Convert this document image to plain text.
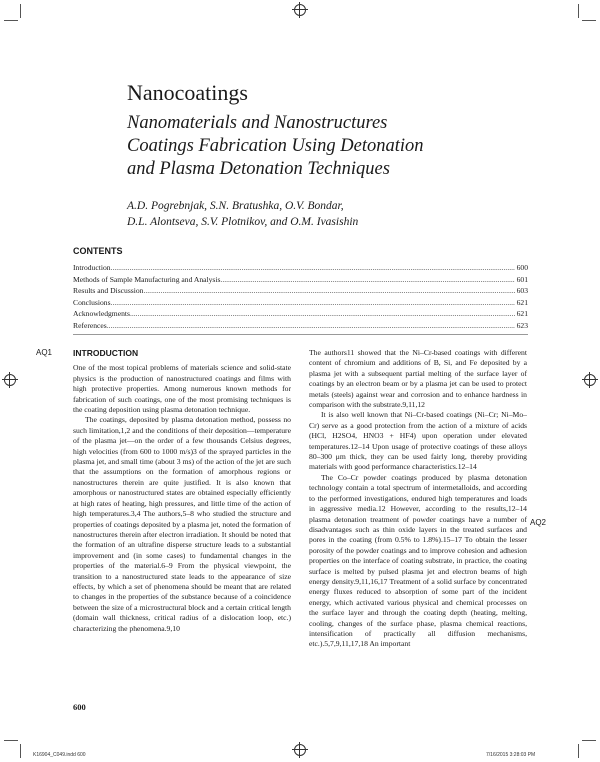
Nanocoatings
Nanomaterials and Nanostructures
Coatings Fabrication Using Detonation
and Plasma Detonation Techniques
A.D. Pogrebnjak, S.N. Bratushka, O.V. Bondar,
D.L. Alontseva, S.V. Plotnikov, and O.M. Ivasishin
CONTENTS
Introduction .....	600
Methods of Sample Manufacturing and Analysis .....	601
Results and Discussion .....	603
Conclusions .....	621
Acknowledgments .....	621
References .....	623
AQ1
AQ2
INTRODUCTION

One of the most topical problems of materials science and solid-state physics is the production of nanostructured coatings and films with high protective properties. Among numerous known methods for fabrication of such coatings, one of the most promising techniques is the coating deposition using plasma detonation technique.

The coatings, deposited by plasma detonation method, possess no such limitation,1,2 and the conditions of their deposition—temperature of the plasma jet—on the order of a few thousands Celsius degrees, high velocities (from 600 to 1000 m/s)3 of the sprayed particles in the plasma jet, and small time (about 3 ms) of the action of the jet are such that the assumptions on the formation of amorphous regions or nanostructures therein are quite justified. It is also known that amorphous or nanostructured states are obtained especially efficiently at high rates of heating, high pressures, and little time of the action of high temperatures.3,4 The authors,5–8 who studied the structure and properties of coatings deposited by a plasma jet, noted the formation of nanostructures therein after electron irradiation. It should be noted that the formation of an ultrafine disperse structure leads to a substantial improvement and (in some cases) to fundamental changes in the properties of the material.6–9 From the physical viewpoint, the transition to a nanostructured state leads to the appearance of size effects, by which a set of phenomena should be meant that are related to changes in the properties of the substance because of a coincidence between the size of a microstructural block and a certain critical length (domain wall thickness, critical radius of a dislocation loop, etc.) characterizing the phenomena.9,10

The authors11 showed that the Ni–Cr-based coatings with different content of chromium and additions of B, Si, and Fe deposited by a plasma jet with a subsequent partial melting of the surface layer of coatings by an electron beam or by a plasma jet can be used to protect metals (steels) against wear and corrosion and to enhance hardness in comparison with the substrate.9,11,12

It is also well known that Ni–Cr-based coatings (Ni–Cr; Ni–Mo–Cr) serve as a good protection from the action of a mixture of acids (HCl, H2SO4, HNO3 + HF4) upon operation under elevated temperatures.12–14 Upon usage of protective coatings of these alloys 80–300 μm thick, they can be used fairly long, thereby providing materials with good performance characteristics.12–14

The Co–Cr powder coatings produced by plasma detonation technology contain a total spectrum of intermetalloids, and according to the performed investigations, endured high temperatures and loads in aggressive media.12 However, according to the results,12–14 plasma detonation treatment of powder coatings have a number of disadvantages such as thin oxide layers in the treated surfaces and pores in the coating (from 0.5% to 1.8%).15–17 To obtain the lesser porosity of the powder coatings and to improve cohesion and adhesion properties on the interface of coating substrate, in practice, the coating surface is melted by pulsed plasma jet and electron beams of high energy density.9,11,16,17 Treatment of a solid surface by concentrated energy fluxes reduced to absorption of some part of the incident energy, which activated various physical and chemical processes on the surface layer and through the coating depth (heating, melting, cooling, changes of the surface phase, plasma chemical reactions, intensification of practically all diffusion mechanisms, etc.).5,7,9,11,17,18 An important

600
K16904_C049.indd 600	7/16/2015 3:28:03 PM
